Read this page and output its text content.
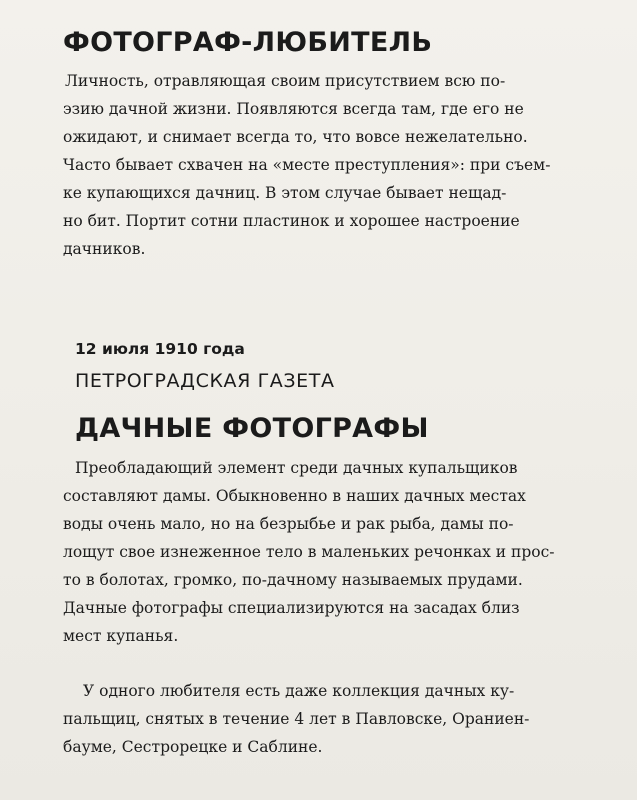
ФОТОГРАФ-ЛЮБИТЕЛЬ

Личность, отравляющая своим присутствием всю по-
эзию дачной жизни. Появляются всегда там, где его не
ожидают, и снимает всегда то, что вовсе нежелательно.
Часто бывает схвачен на «месте преступления»: при съем-
ке купающихся дачниц. В этом случае бывает нещад-
но бит. Портит сотни пластинок и хорошее настроение
дачников.

12 июля 1910 года
ПЕТРОГРАДСКАЯ ГАЗЕТА
ДАЧНЫЕ ФОТОГРАФЫ

Преобладающий элемент среди дачных купальщиков
составляют дамы. Обыкновенно в наших дачных местах
воды очень мало, но на безрыбье и рак рыба, дамы по-
лощут свое изнеженное тело в маленьких речонках и прос-
то в болотах, громко, по-дачному называемых прудами.
Дачные фотографы специализируются на засадах близ
мест купанья.

У одного любителя есть даже коллекция дачных ку-
пальщиц, снятых в течение 4 лет в Павловске, Ораниен-
бауме, Сестрорецке и Саблине.
